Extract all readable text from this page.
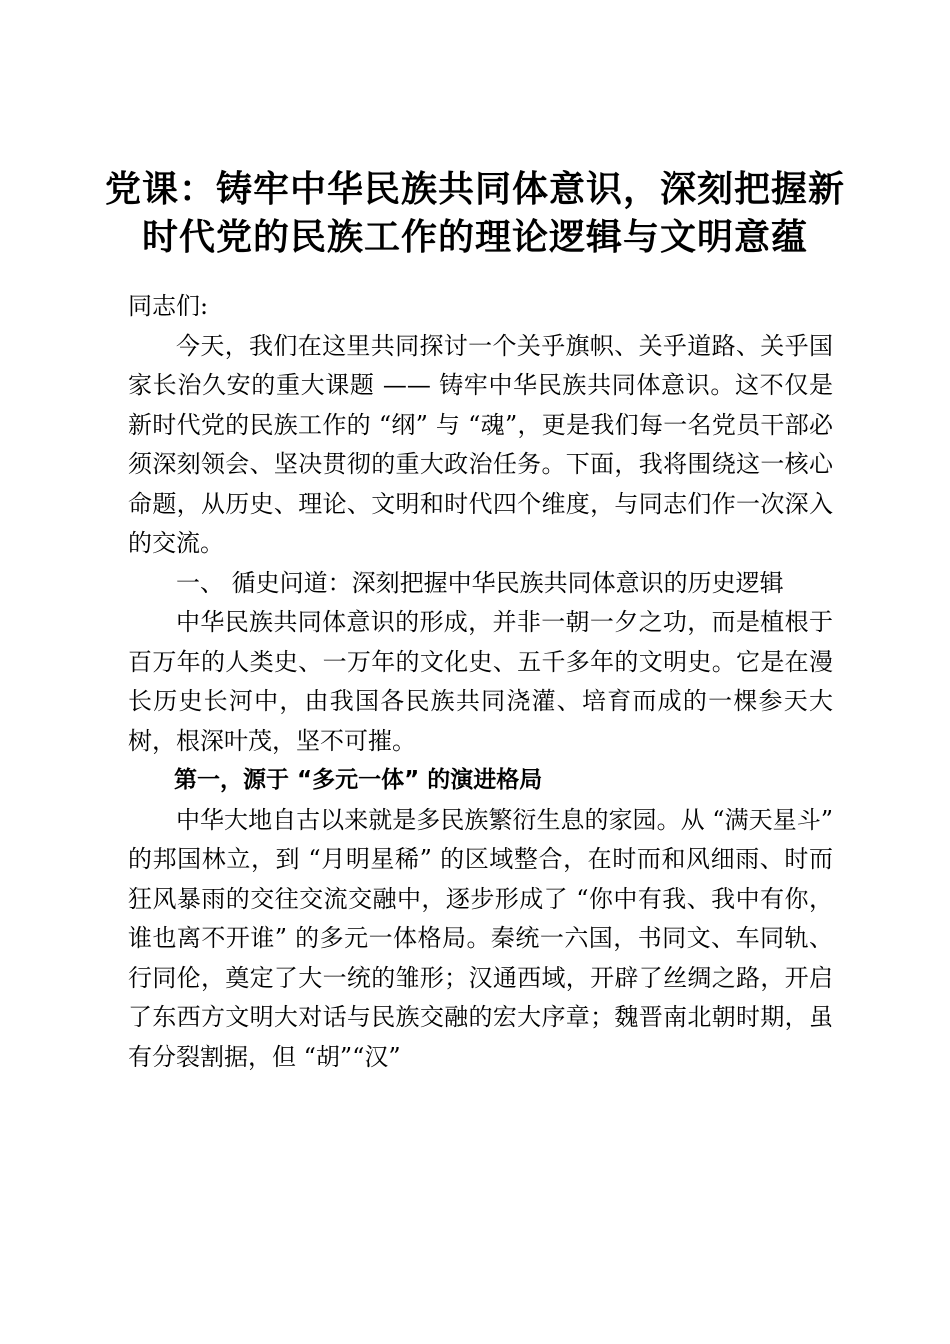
党课：铸牢中华民族共同体意识，深刻把握新
时代党的民族工作的理论逻辑与文明意蕴

同志们:

今天，我们在这里共同探讨一个关乎旗帜、关乎道路、关乎国家长治久安的重大课题 —— 铸牢中华民族共同体意识。这不仅是新时代党的民族工作的 “纲” 与 “魂”，更是我们每一名党员干部必须深刻领会、坚决贯彻的重大政治任务。下面，我将围绕这一核心命题，从历史、理论、文明和时代四个维度，与同志们作一次深入的交流。

一、 循史问道：深刻把握中华民族共同体意识的历史逻辑

中华民族共同体意识的形成，并非一朝一夕之功，而是植根于百万年的人类史、一万年的文化史、五千多年的文明史。它是在漫长历史长河中，由我国各民族共同浇灌、培育而成的一棵参天大树，根深叶茂，坚不可摧。

第一，源于 “多元一体” 的演进格局

中华大地自古以来就是多民族繁衍生息的家园。从 “满天星斗” 的邦国林立，到 “月明星稀” 的区域整合，在时而和风细雨、时而狂风暴雨的交往交流交融中，逐步形成了 “你中有我、我中有你，谁也离不开谁” 的多元一体格局。秦统一六国，书同文、车同轨、行同伦，奠定了大一统的雏形；汉通西域，开辟了丝绸之路，开启了东西方文明大对话与民族交融的宏大序章；魏晋南北朝时期，虽有分裂割据，但 “胡”“汉”
